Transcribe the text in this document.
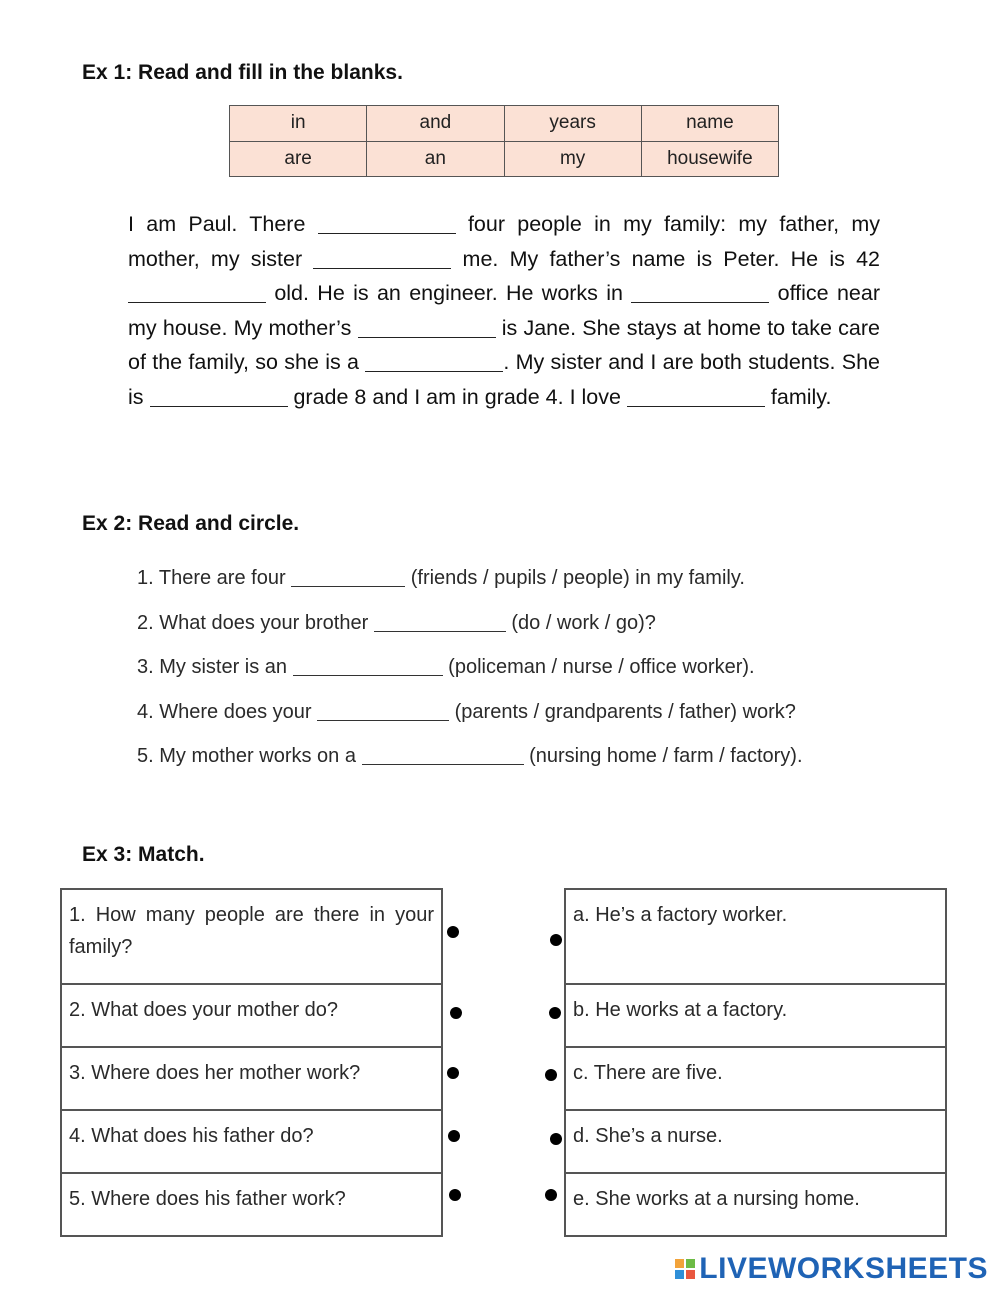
Ex 1: Read and fill in the blanks.
in	and	years	name
are	an	my	housewife
I am Paul. There	four people in my family: my father, my mother, my sister	me. My father’s name is Peter. He is 42  old. He is an engineer. He works in	office near my house. My mother’s	is Jane. She stays at home to take care of the family, so she is a	. My sister and I are both students. She is	grade 8 and I am in grade 4. I love	family.
Ex 2: Read and circle.
1. There are four	(friends / pupils / people) in my family.
2. What does your brother	(do / work / go)?
3. My sister is an	(policeman / nurse / office worker).
4. Where does your	(parents / grandparents / father) work?
5. My mother works on a	(nursing home / farm / factory).
Ex 3: Match.
1. How many people are there in your family?
2. What does your mother do?
3. Where does her mother work?
4. What does his father do?
5. Where does his father work?
a. He’s a factory worker.
b. He works at a factory.
c. There are five.
d. She’s a nurse.
e. She works at a nursing home.
LIVEWORKSHEETS
